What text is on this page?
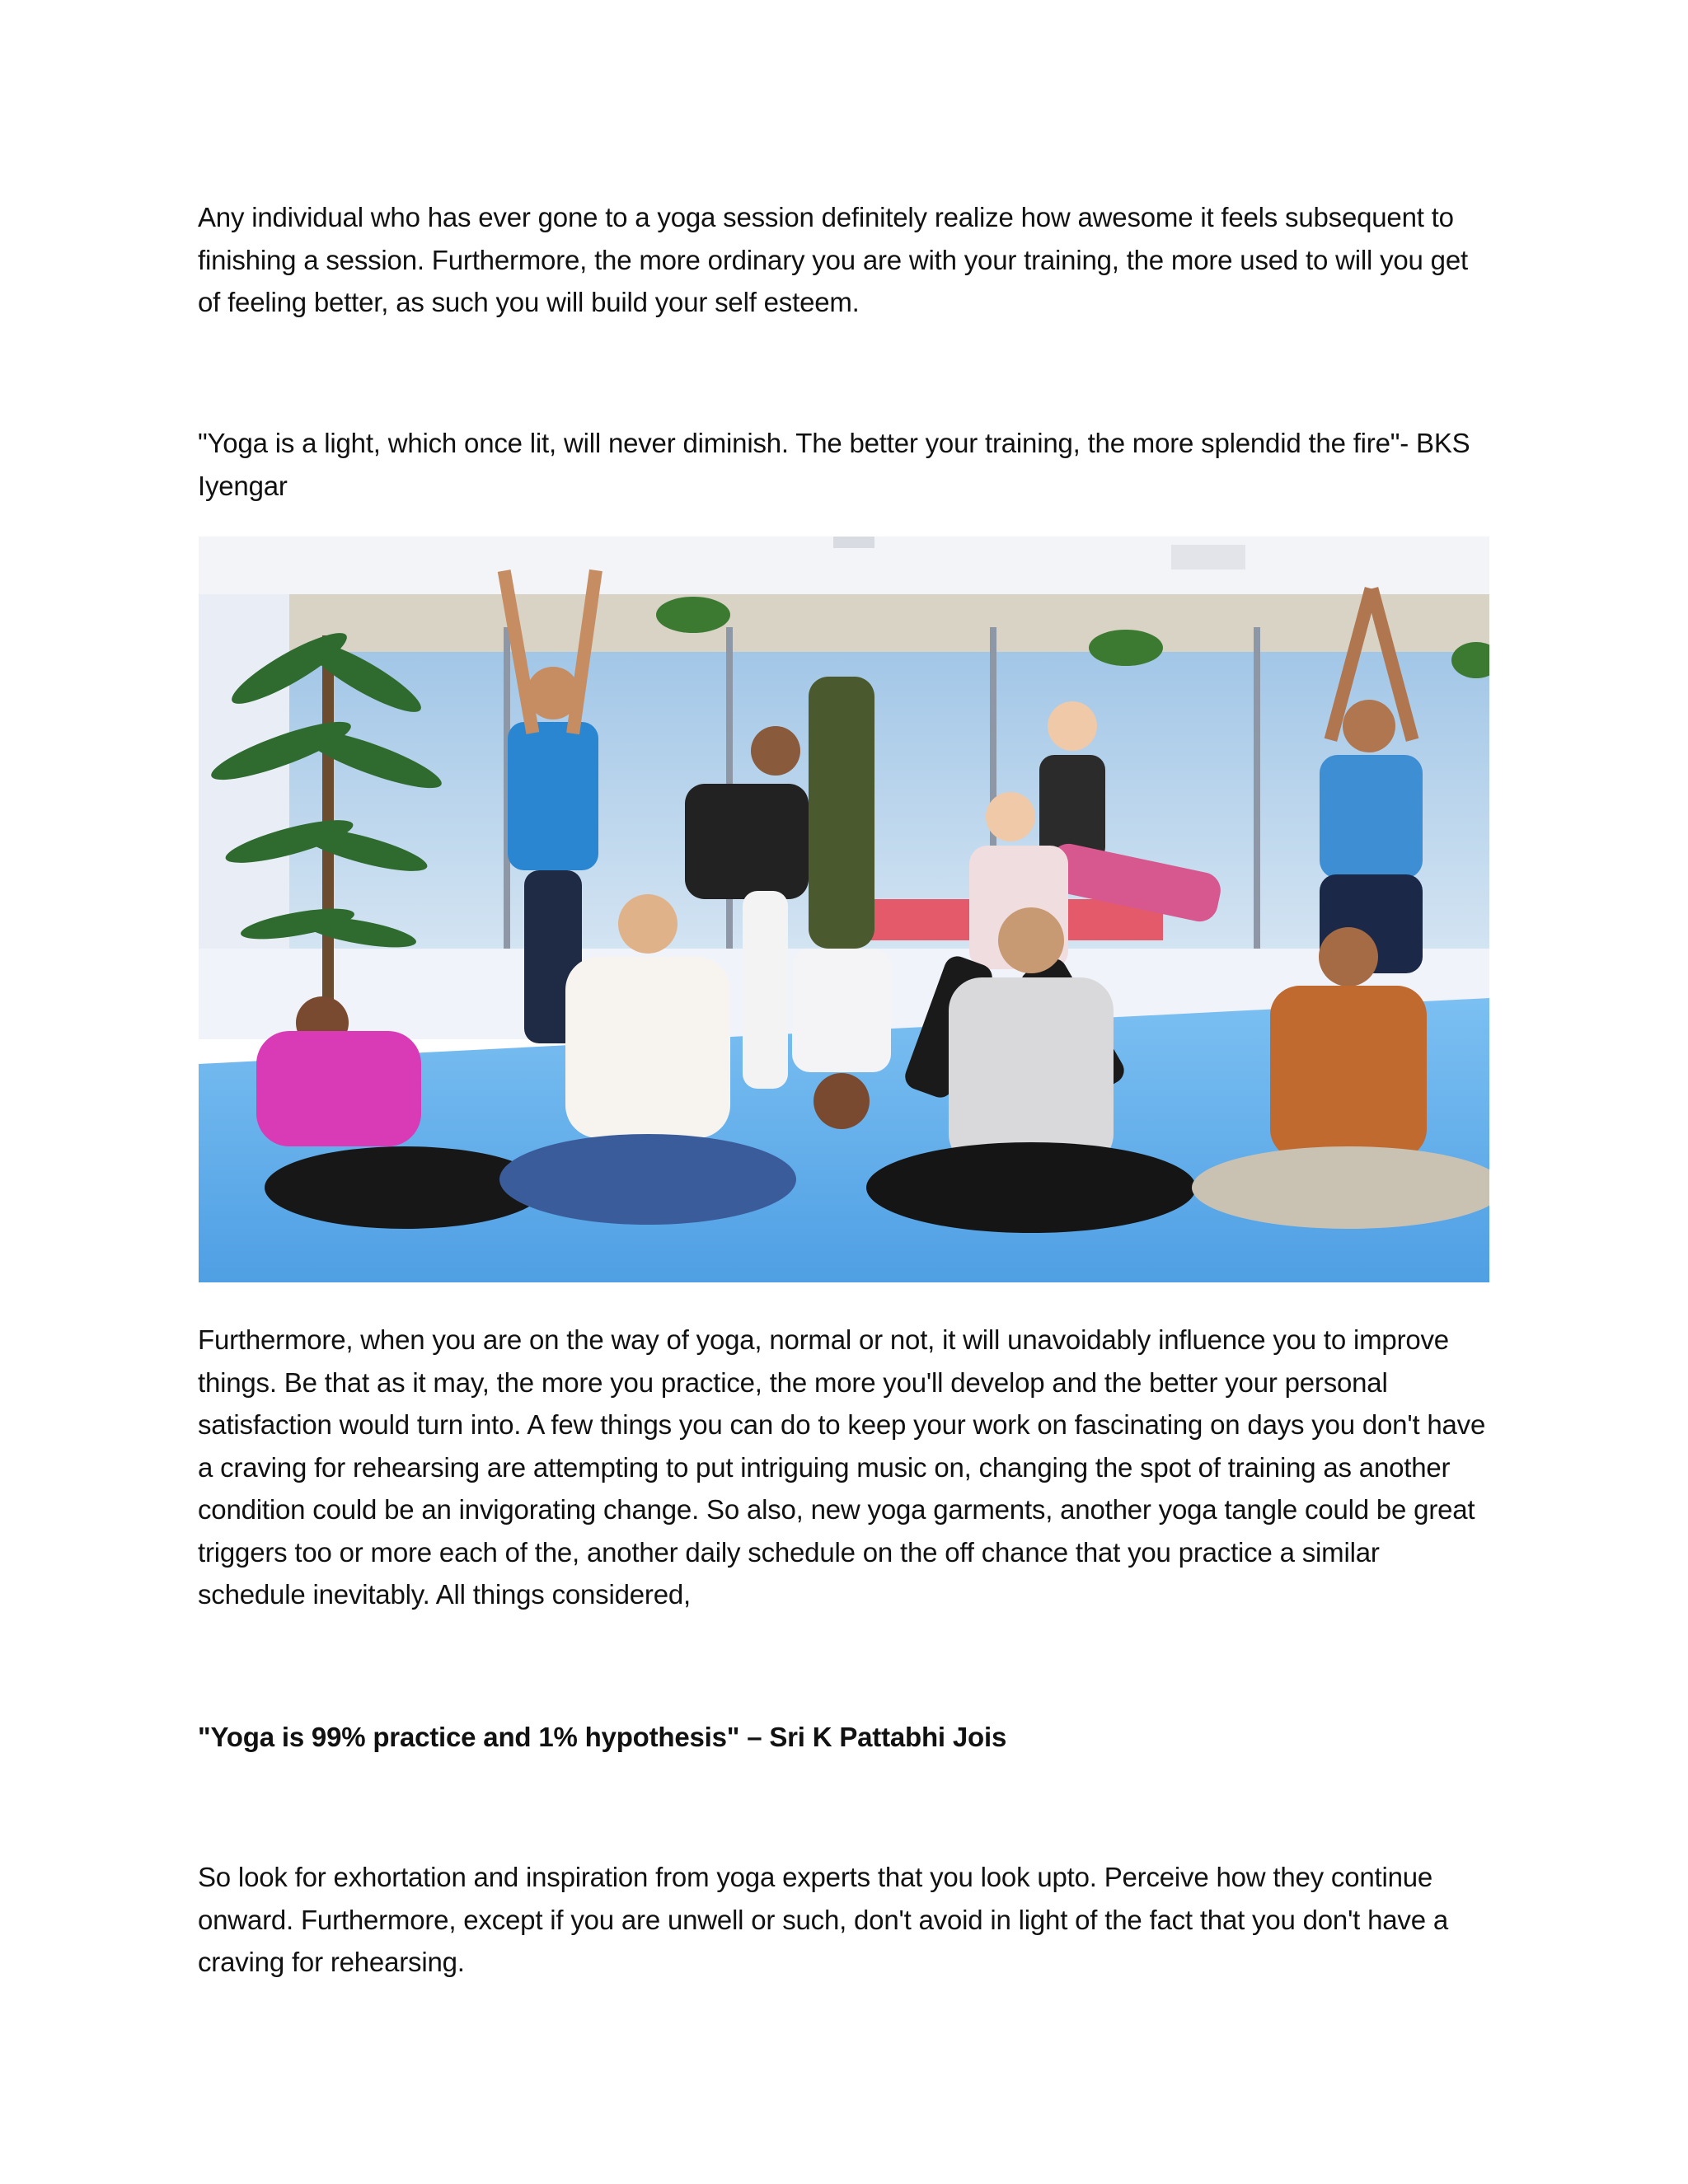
Any individual who has ever gone to a yoga session definitely realize how awesome it feels subsequent to finishing a session. Furthermore, the more ordinary you are with your training, the more used to will you get of feeling better, as such you will build your self esteem.

"Yoga is a light, which once lit, will never diminish. The better your training, the more splendid the fire"- BKS Iyengar

Furthermore, when you are on the way of yoga, normal or not, it will unavoidably influence you to improve things. Be that as it may, the more you practice, the more you'll develop and the better your personal satisfaction would turn into. A few things you can do to keep your work on fascinating on days you don't have a craving for rehearsing are attempting to put intriguing music on, changing the spot of training as another condition could be an invigorating change. So also, new yoga garments, another yoga tangle could be great triggers too or more each of the, another daily schedule on the off chance that you practice a similar schedule inevitably. All things considered,

"Yoga is 99% practice and 1% hypothesis" – Sri K Pattabhi Jois

So look for exhortation and inspiration from yoga experts that you look upto. Perceive how they continue onward. Furthermore, except if you are unwell or such, don't avoid in light of the fact that you don't have a craving for rehearsing.
